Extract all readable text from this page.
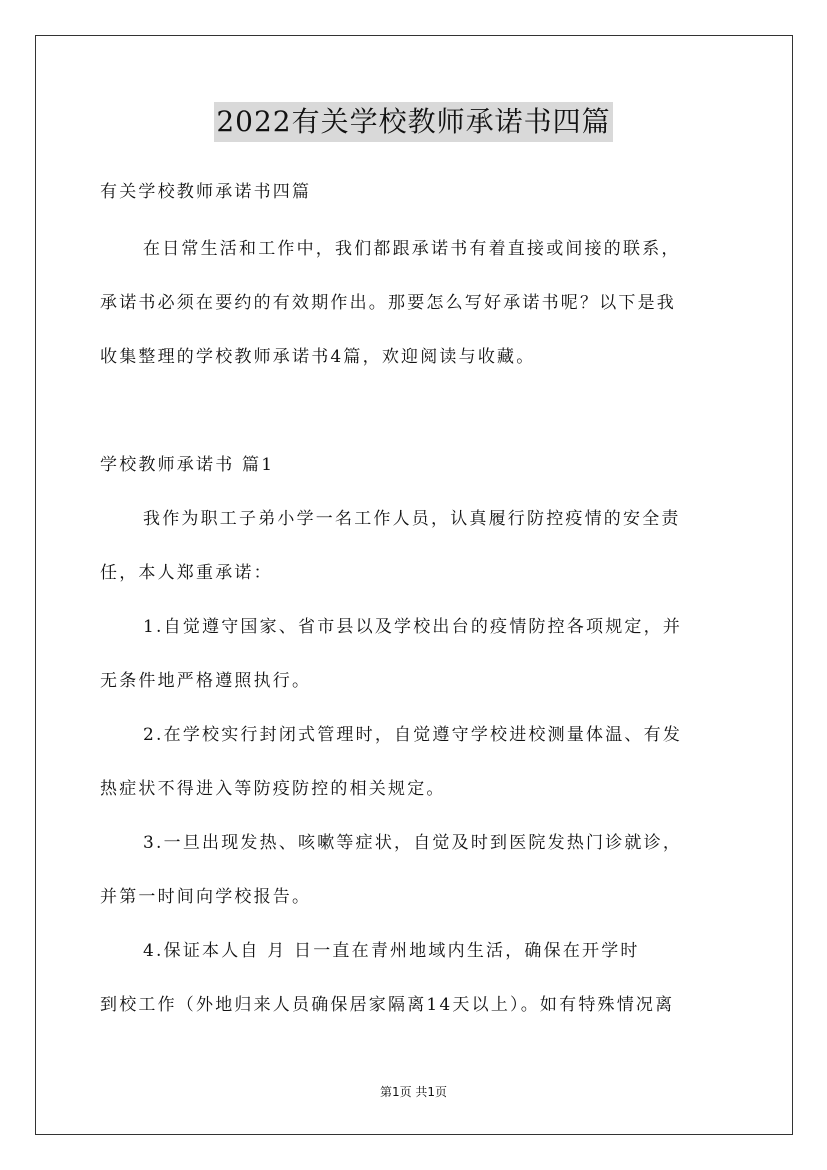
2022有关学校教师承诺书四篇
有关学校教师承诺书四篇
在日常生活和工作中，我们都跟承诺书有着直接或间接的联系，
承诺书必须在要约的有效期作出。那要怎么写好承诺书呢？以下是我
收集整理的学校教师承诺书4篇，欢迎阅读与收藏。
学校教师承诺书 篇1
我作为职工子弟小学一名工作人员，认真履行防控疫情的安全责
任，本人郑重承诺：
1.自觉遵守国家、省市县以及学校出台的疫情防控各项规定，并
无条件地严格遵照执行。
2.在学校实行封闭式管理时，自觉遵守学校进校测量体温、有发
热症状不得进入等防疫防控的相关规定。
3.一旦出现发热、咳嗽等症状，自觉及时到医院发热门诊就诊，
并第一时间向学校报告。
4.保证本人自 月 日一直在青州地域内生活，确保在开学时
到校工作（外地归来人员确保居家隔离14天以上）。如有特殊情况离
第1页 共1页
